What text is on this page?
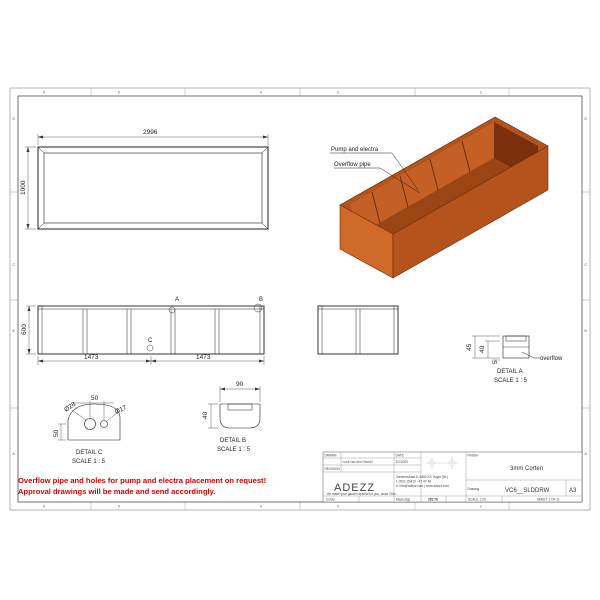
6	5	4	3	2
6	5	4	3	2
D
C
B
A
D
C
B
A
2996
1000
Pump and electra
Overflow pipe
A	B
C
600
1473	1473
45 40
5
overflow
DETAIL A
SCALE 1 : 5
90
40
DETAIL B
SCALE 1 : 5
50
50
Ø28	Ø17
DETAIL C
SCALE 1 : 5
Overflow pipe and holes for pump and electra placement on request!
Approval drawings will be made and send accordingly.
DRAWN
Luuk van den Heuvel
DATE
2/2/2020
REVISION
ADEZZ
we make your garden special for you, since 19xx
Geweerstraat 8, 5482 KX Vught (NL)
t. 0031 (0)410 - 47 47 48
e. info@adezz.com | www.adezz.com
FINISH
3mm Corten
Drawing	VC6__SLDDRW	A3
Colour	Mass (kg)	282.78	SCALE 1:20	SHEET 1 OF 11
